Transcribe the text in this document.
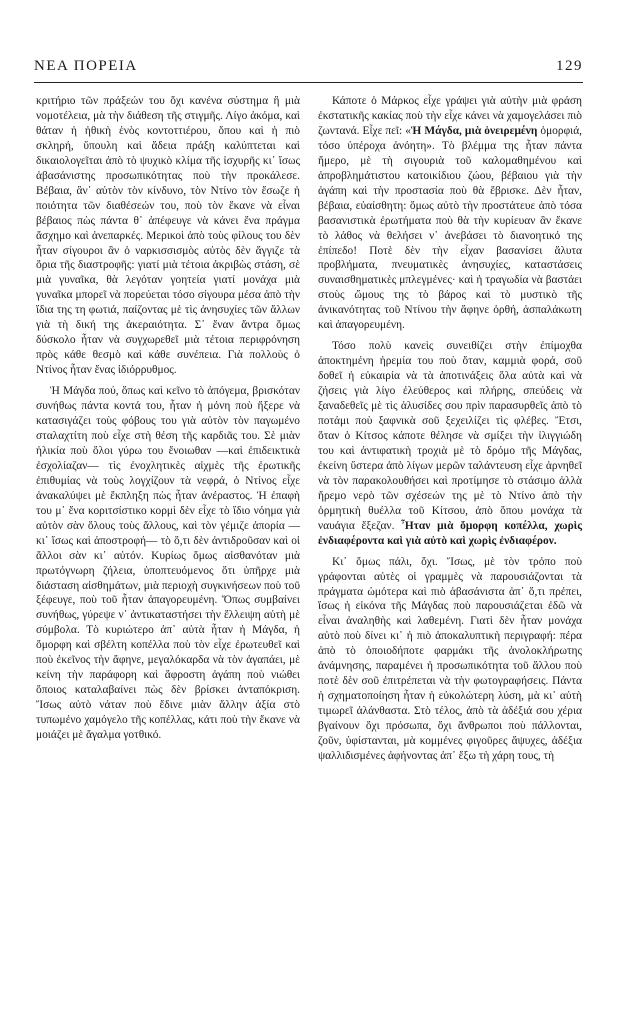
ΝΕΑ ΠΟΡΕΙΑ	129

κριτήριο τῶν πράξεών του ὄχι κανένα σύστημα ἢ μιὰ νομοτέλεια, μὰ τὴν διάθεση τῆς στιγμῆς. Λίγο ἀκόμα, καὶ θάταν ἡ ἠθικὴ ἑνὸς κοντοττιέρου, ὅπου καὶ ἡ πιὸ σκληρή, ὕπουλη καὶ ἄδεια πράξη καλύπτεται καὶ δικαιολογεῖται ἀπὸ τὸ ψυχικὸ κλίμα τῆς ἰσχυρῆς κι᾿ ἴσως ἀβασάνιστης προσωπικότητας ποὺ τὴν προκάλεσε. Βέβαια, ἂν᾿ αὐτὸν τὸν κίνδυνο, τὸν Ντίνο τὸν ἔσωζε ἡ ποιότητα τῶν διαθέσεών του, ποὺ τὸν ἔκανε νὰ εἶναι βέβαιος πὼς πάντα θ᾿ ἀπέφευγε νὰ κάνει ἕνα πράγμα ἄσχημο καὶ ἀνεπαρκές. Μερικοὶ ἀπὸ τοὺς φίλους του δὲν ἦταν σίγουροι ἂν ὁ ναρκισσισμὸς αὐτὸς δὲν ἄγγιζε τὰ ὅρια τῆς διαστροφῆς: γιατί μιὰ τέτοια ἀκριβὼς στάση, σὲ μιὰ γυναῖκα, θὰ λεγόταν γοητεία γιατί μονάχα μιὰ γυναῖκα μπορεῖ νὰ πορεύεται τόσο σίγουρα μέσα ἀπὸ τὴν ἴδια της τη φωτιά, παίζοντας μὲ τὶς ἀνησυχίες τῶν ἄλλων γιὰ τὴ δική της ἀκεραιότητα. Σ᾿ ἕναν ἄντρα ὅμως δύσκολο ἦταν νὰ συγχωρεθεῖ μιὰ τέτοια περιφρόνηση πρὸς κάθε θεσμὸ καὶ κάθε συνέπεια. Γιὰ πολλοὺς ὁ Ντίνος ἦταν ἕνας ἰδιόρρυθμος.

Ἡ Μάγδα πού, ὅπως καὶ κεῖνο τὸ ἀπόγεμα, βρισκόταν συνήθως πάντα κοντά του, ἦταν ἡ μόνη ποὺ ἤξερε νὰ κατασιγάζει τοὺς φόβους του γιὰ αὐτὸν τὸν παγωμένο σταλαχτίτη ποὺ εἶχε στὴ θέση τῆς καρδιᾶς του. Σὲ μιὰν ἡλικία ποὺ ὅλοι γύρω του ἔνοιωθαν —καὶ ἐπιδεικτικὰ ἐσχολίαζαν— τὶς ἐνοχλητικὲς αἰχμὲς τῆς ἐρωτικῆς ἐπιθυμίας νὰ τοὺς λογχίζουν τὰ νεφρά, ὁ Ντίνος εἶχε ἀνακαλύψει μὲ ἔκπληξη πὼς ἦταν ἀνέραστος. Ἡ ἐπαφὴ του μ᾿ ἕνα κοριτσίστικο κορμὶ δὲν εἶχε τὸ ἴδιο νόημα γιὰ αὐτὸν σὰν ὅλους τοὺς ἄλλους, καὶ τὸν γέμιζε ἀπορία —κι᾿ ἴσως καὶ ἀποστροφή— τὸ ὅ,τι δὲν ἀντιδροῦσαν καὶ οἱ ἄλλοι σὰν κι᾿ αὐτόν. Κυρίως ὅμως αἰσθανόταν μιὰ πρωτόγνωρη ζήλεια, ὑποπτευόμενος ὅτι ὑπῆρχε μιὰ διάσταση αἰσθημάτων, μιὰ περιοχὴ συγκινήσεων ποὺ τοῦ ξέφευγε, ποὺ τοῦ ἦταν ἀπαγορευμένη. Ὅπως συμβαίνει συνήθως, γύρεψε ν᾿ ἀντικαταστήσει τὴν ἔλλειψη αὐτὴ μὲ σύμβολα. Τὸ κυριώτερο ἀπ᾿ αὐτὰ ἦταν ἡ Μάγδα, ἡ ὄμορφη καὶ σβέλτη κοπέλλα ποὺ τὸν εἶχε ἐρωτευθεῖ καὶ ποὺ ἐκεῖνος τὴν ἄφηνε, μεγαλόκαρδα νὰ τὸν ἀγαπάει, μὲ κείνη τὴν παράφορη καὶ ἄφροστη ἀγάπη ποὺ νιώθει ὅποιος καταλαβαίνει πὼς δὲν βρίσκει ἀνταπόκριση. Ἴσως αὐτὸ νάταν ποὺ ἔδινε μιὰν ἄλλην ἀξία στὸ τυπωμένο χαμόγελο τῆς κοπέλλας, κάτι ποὺ τὴν ἔκανε νὰ μοιάζει μὲ ἄγαλμα γοτθικό.

Κάποτε ὁ Μάρκος εἶχε γράψει γιὰ αὐτὴν μιὰ φράση ἐκστατικῆς κακίας ποὺ τὴν εἶχε κάνει νὰ χαμογελάσει πιὸ ζωντανά. Εἶχε πεῖ: «Ἡ Μάγδα, μιὰ ὀνειρεμένη ὁμορφιά, τόσο ὑπέροχα ἀνόητη». Τὸ βλέμμα της ἦταν πάντα ἥμερο, μὲ τὴ σιγουριὰ τοῦ καλομαθημένου καὶ ἀπροβλημάτιστου κατοικίδιου ζώου, βέβαιου γιὰ τὴν ἀγάπη καὶ τὴν προστασία ποὺ θὰ ἔβρισκε. Δὲν ἦταν, βέβαια, εὐαίσθητη: ὅμως αὐτὸ τὴν προστάτευε ἀπὸ τόσα βασανιστικὰ ἐρωτήματα ποὺ θὰ τὴν κυρίευαν ἂν ἔκανε τὸ λάθος νὰ θελήσει ν᾿ ἀνεβάσει τὸ διανοητικό της ἐπίπεδο! Ποτὲ δὲν τὴν εἶχαν βασανίσει ἄλυτα προβλήματα, πνευματικὲς ἀνησυχίες, καταστάσεις συναισθηματικὲς μπλεγμένες· καὶ ἡ τραγωδία νὰ βαστάει στοὺς ὤμους της τὸ βάρος καὶ τὸ μυστικὸ τῆς ἀνικανότητας τοῦ Ντίνου τὴν ἄφηνε ὀρθή, ἀσπαλάκωτη καὶ ἀπαγορευμένη.

Τόσο πολὺ κανεὶς συνειθίζει στὴν ἐπίμοχθα ἀποκτημένη ἠρεμία του ποὺ ὅταν, καμμιὰ φορά, σοῦ δοθεῖ ἡ εὐκαιρία νὰ τὰ ἀποτινάξεις ὅλα αὐτὰ καὶ νὰ ζήσεις γιὰ λίγο ἐλεύθερος καὶ πλήρης, σπεύδεις νὰ ξαναδεθεῖς μὲ τὶς ἁλυσίδες σου πρὶν παρασυρθεῖς ἀπὸ τὸ ποτάμι ποὺ ξαφνικὰ σοῦ ξεχειλίζει τὶς φλέβες. Ἔτσι, ὅταν ὁ Κίτσος κάποτε θέλησε νὰ σμίξει τὴν ἰλιγγιώδη του καὶ ἀντιφατικὴ τροχιὰ μὲ τὸ δρόμο τῆς Μάγδας, ἐκείνη ὕστερα ἀπὸ λίγων μερῶν ταλάντευση εἶχε ἀρνηθεῖ νὰ τὸν παρακολουθήσει καὶ προτίμησε τὸ στάσιμο ἀλλὰ ἤρεμο νερὸ τῶν σχέσεών της μὲ τὸ Ντίνο ἀπὸ τὴν ὁρμητικὴ θυέλλα τοῦ Κίτσου, ἀπὸ ὅπου μονάχα τὰ ναυάγια ἔξεζαν. Ἦταν μιὰ ὄμορφη κοπέλλα, χωρὶς ἐνδιαφέροντα καὶ γιὰ αὐτὸ καὶ χωρὶς ἐνδιαφέρον.

Κι᾿ ὅμως πάλι, ὄχι. Ἴσως, μὲ τὸν τρόπο ποὺ γράφονται αὐτὲς οἱ γραμμὲς νὰ παρουσιάζονται τὰ πράγματα ὡμότερα καὶ πιὸ ἀβασάνιστα ἀπ᾿ ὅ,τι πρέπει, ἴσως ἡ εἰκόνα τῆς Μάγδας ποὺ παρουσιάζεται ἐδῶ νὰ εἶναι ἀναληθὴς καὶ λαθεμένη. Γιατὶ δὲν ἦταν μονάχα αὐτὸ ποὺ δίνει κι᾿ ἡ πιὸ ἀποκαλυπτικὴ περιγραφή: πέρα ἀπὸ τὸ ὁποιοδήποτε φαρμάκι τῆς ἀνολοκλήρωτης ἀνάμνησης, παραμένει ἡ προσωπικότητα τοῦ ἄλλου ποὺ ποτὲ δὲν σοῦ ἐπιτρέπεται νὰ τὴν φωτογραφήσεις. Πάντα ἡ σχηματοποίηση ἦταν ἡ εὐκολώτερη λύση, μὰ κι᾿ αὐτὴ τιμωρεῖ ἀλάνθαστα. Στὸ τέλος, ἀπὸ τὰ ἀδέξιά σου χέρια βγαίνουν ὄχι πρόσωπα, ὄχι ἄνθρωποι ποὺ πάλλονται, ζοῦν, ὑφίστανται, μὰ κομμένες φιγοῦρες ἄψυχες, ἀδέξια ψαλλιδισμένες ἀφήνοντας ἀπ᾿ ἔξω τὴ χάρη τους, τὴ
